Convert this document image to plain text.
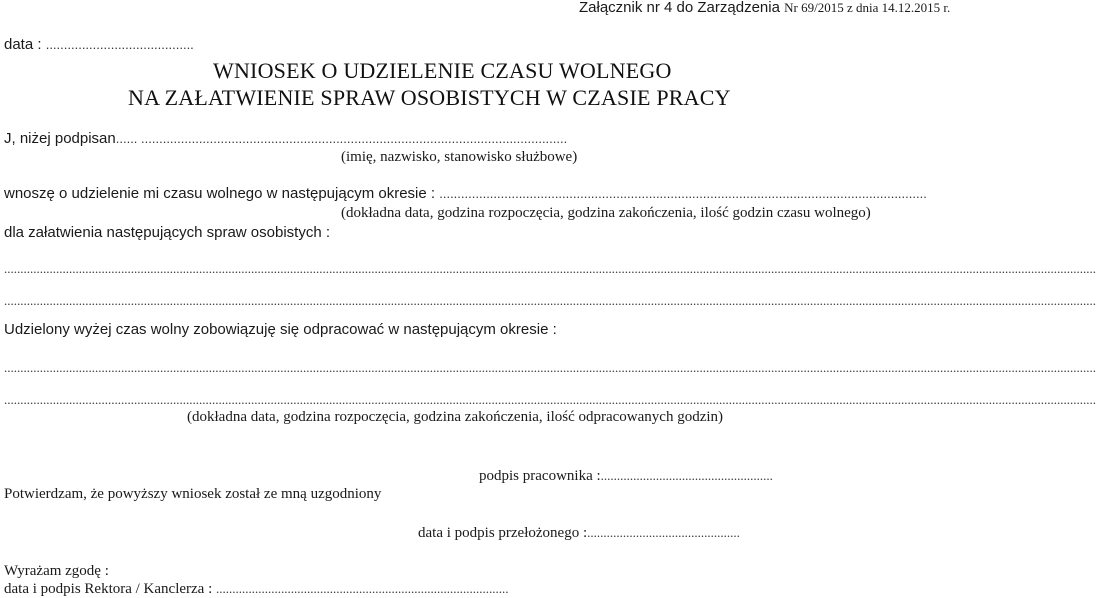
Załącznik nr 4 do Zarządzenia Nr 69/2015 z dnia 14.12.2015 r.
data : .........................................
WNIOSEK O UDZIELENIE CZASU WOLNEGO
NA ZAŁATWIENIE SPRAW OSOBISTYCH W CZASIE PRACY
J, niżej podpisan...... ......................................................................................................................
(imię, nazwisko, stanowisko służbowe)
wnoszę o udzielenie mi czasu wolnego w następującym okresie : .......................................................................................................................................
(dokładna data, godzina rozpoczęcia, godzina zakończenia, ilość godzin czasu wolnego)
dla załatwienia następujących spraw osobistych :
................................................................................................................................................................................................................................................................................................................................................
................................................................................................................................................................................................................................................................................................................................................
Udzielony wyżej czas wolny zobowiązuję się odpracować w następującym okresie :
................................................................................................................................................................................................................................................................................................................................................
................................................................................................................................................................................................................................................................................................................................................
(dokładna data, godzina rozpoczęcia, godzina zakończenia, ilość odpracowanych godzin)
podpis pracownika :.....................................................
Potwierdzam, że powyższy wniosek został ze mną uzgodniony
data i podpis przełożonego :...............................................
Wyrażam zgodę :
data i podpis Rektora / Kanclerza : ..........................................................................................
